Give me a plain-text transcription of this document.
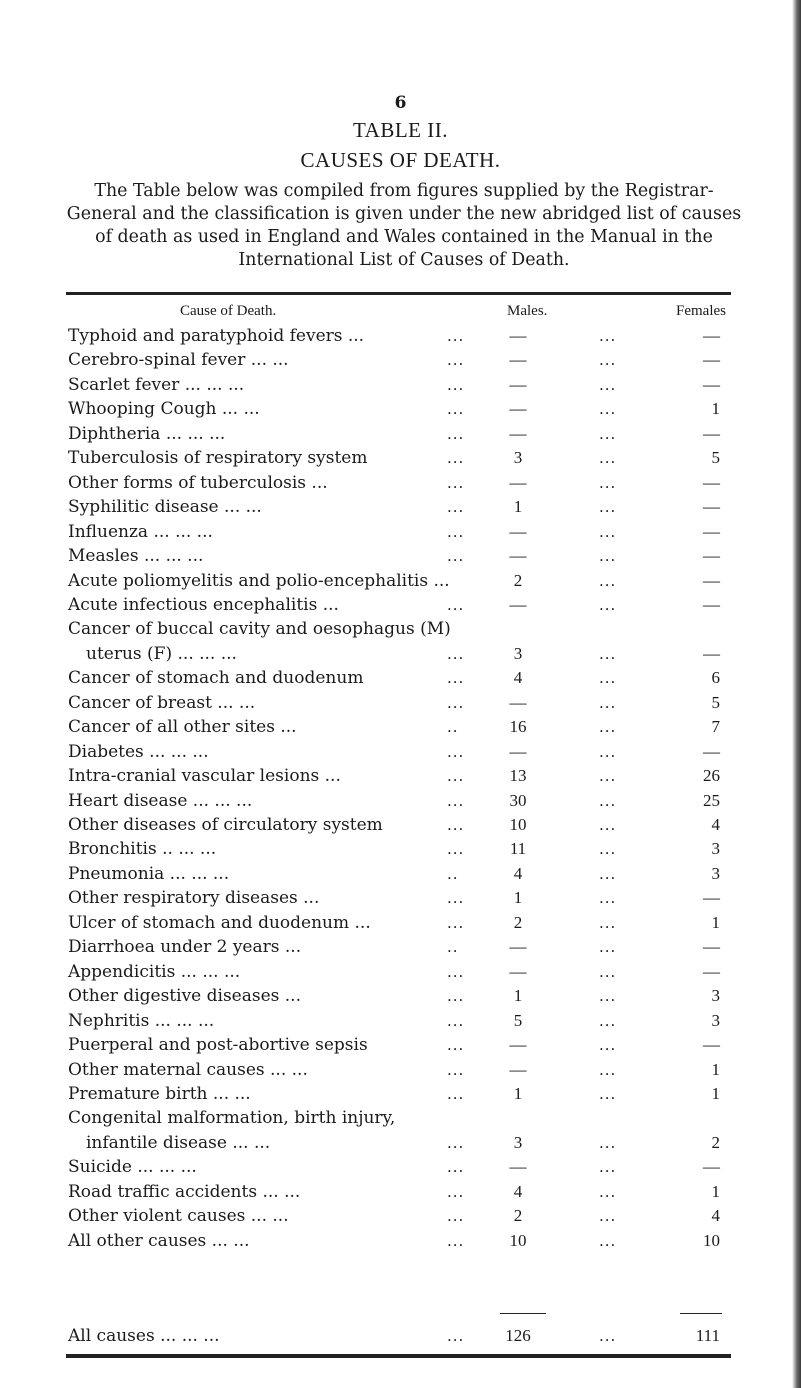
6
TABLE II.
CAUSES OF DEATH.
The Table below was compiled from figures supplied by the Registrar-General and the classification is given under the new abridged list of causes of death as used in England and Wales contained in the Manual in the International List of Causes of Death.
Cause of Death.	Males.	Females
Typhoid and paratyphoid fevers ...	...	—	...	—
Cerebro-spinal fever ... ...	...	—	...	—
Scarlet fever ... ... ...	...	—	...	—
Whooping Cough ... ...	...	—	...	1
Diphtheria ... ... ...	...	—	...	—
Tuberculosis of respiratory system	...	3	...	5
Other forms of tuberculosis ...	...	—	...	—
Syphilitic disease ... ...	...	1	...	—
Influenza ... ... ...	...	—	...	—
Measles ... ... ...	...	—	...	—
Acute poliomyelitis and polio-encephalitis ...	2	...	—
Acute infectious encephalitis ...	...	—	...	—
Cancer of buccal cavity and oesophagus (M)
uterus (F) ... ... ...	...	3	...	—
Cancer of stomach and duodenum	...	4	...	6
Cancer of breast ... ...	...	—	...	5
Cancer of all other sites ...	..	16	...	7
Diabetes ... ... ...	...	—	...	—
Intra-cranial vascular lesions ...	...	13	...	26
Heart disease ... ... ...	...	30	...	25
Other diseases of circulatory system	...	10	...	4
Bronchitis .. ... ...	...	11	...	3
Pneumonia ... ... ...	..	4	...	3
Other respiratory diseases ...	...	1	...	—
Ulcer of stomach and duodenum ...	...	2	...	1
Diarrhoea under 2 years ...	..	—	...	—
Appendicitis ... ... ...	...	—	...	—
Other digestive diseases ...	...	1	...	3
Nephritis ... ... ...	...	5	...	3
Puerperal and post-abortive sepsis	...	—	...	—
Other maternal causes ... ...	...	—	...	1
Premature birth ... ...	...	1	...	1
Congenital malformation, birth injury,
infantile disease ... ...	...	3	...	2
Suicide ... ... ...	...	—	...	—
Road traffic accidents ... ...	...	4	...	1
Other violent causes ... ...	...	2	...	4
All other causes ... ...	...	10	...	10
All causes ... ... ...	...	126	...	111
